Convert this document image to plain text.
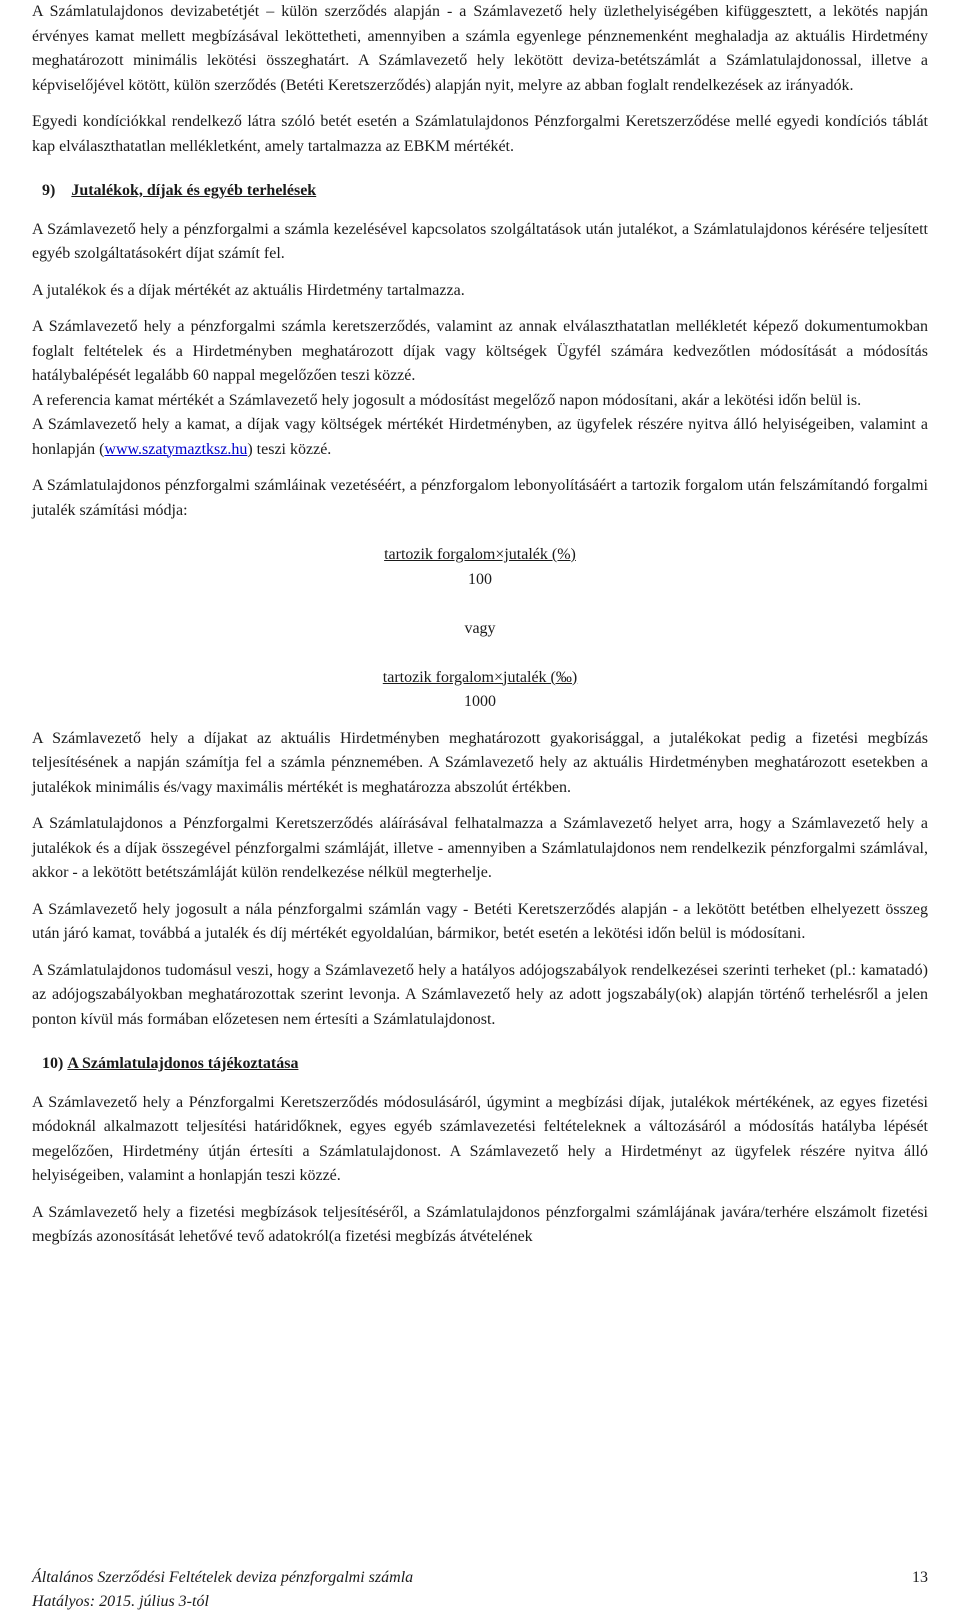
A Számlatulajdonos devizabetétjét – külön szerződés alapján - a Számlavezető hely üzlethelyiségében kifüggesztett, a lekötés napján érvényes kamat mellett megbízásával leköttetheti, amennyiben a számla egyenlege pénznemenként meghaladja az aktuális Hirdetmény meghatározott minimális lekötési összeghatárt. A Számlavezető hely lekötött deviza-betétszámlát a Számlatulajdonossal, illetve a képviselőjével kötött, külön szerződés (Betéti Keretszerződés) alapján nyit, melyre az abban foglalt rendelkezések az irányadók.

Egyedi kondíciókkal rendelkező látra szóló betét esetén a Számlatulajdonos Pénzforgalmi Keretszerződése mellé egyedi kondíciós táblát kap elválaszthatatlan mellékletként, amely tartalmazza az EBKM mértékét.

9) Jutalékok, díjak és egyéb terhelések

A Számlavezető hely a pénzforgalmi a számla kezelésével kapcsolatos szolgáltatások után jutalékot, a Számlatulajdonos kérésére teljesített egyéb szolgáltatásokért díjat számít fel.

A jutalékok és a díjak mértékét az aktuális Hirdetmény tartalmazza.

A Számlavezető hely a pénzforgalmi számla keretszerződés, valamint az annak elválaszthatatlan mellékletét képező dokumentumokban foglalt feltételek és a Hirdetményben meghatározott díjak vagy költségek Ügyfél számára kedvezőtlen módosítását a módosítás hatálybalépését legalább 60 nappal megelőzően teszi közzé.

A referencia kamat mértékét a Számlavezető hely jogosult a módosítást megelőző napon módosítani, akár a lekötési időn belül is.

A Számlavezető hely a kamat, a díjak vagy költségek mértékét Hirdetményben, az ügyfelek részére nyitva álló helyiségeiben, valamint a honlapján (www.szatymaztksz.hu) teszi közzé.

A Számlatulajdonos pénzforgalmi számláinak vezetéséért, a pénzforgalom lebonyolításáért a tartozik forgalom után felszámítandó forgalmi jutalék számítási módja:

tartozik forgalom×jutalék (%)
100
vagy
tartozik forgalom×jutalék (‰)
1000

A Számlavezető hely a díjakat az aktuális Hirdetményben meghatározott gyakorisággal, a jutalékokat pedig a fizetési megbízás teljesítésének a napján számítja fel a számla pénznemében. A Számlavezető hely az aktuális Hirdetményben meghatározott esetekben a jutalékok minimális és/vagy maximális mértékét is meghatározza abszolút értékben.

A Számlatulajdonos a Pénzforgalmi Keretszerződés aláírásával felhatalmazza a Számlavezető helyet arra, hogy a Számlavezető hely a jutalékok és a díjak összegével pénzforgalmi számláját, illetve - amennyiben a Számlatulajdonos nem rendelkezik pénzforgalmi számlával, akkor - a lekötött betétszámláját külön rendelkezése nélkül megterhelje.

A Számlavezető hely jogosult a nála pénzforgalmi számlán vagy - Betéti Keretszerződés alapján - a lekötött betétben elhelyezett összeg után járó kamat, továbbá a jutalék és díj mértékét egyoldalúan, bármikor, betét esetén a lekötési időn belül is módosítani.

A Számlatulajdonos tudomásul veszi, hogy a Számlavezető hely a hatályos adójogszabályok rendelkezései szerinti terheket (pl.: kamatadó) az adójogszabályokban meghatározottak szerint levonja. A Számlavezető hely az adott jogszabály(ok) alapján történő terhelésről a jelen ponton kívül más formában előzetesen nem értesíti a Számlatulajdonost.

10) A Számlatulajdonos tájékoztatása

A Számlavezető hely a Pénzforgalmi Keretszerződés módosulásáról, úgymint a megbízási díjak, jutalékok mértékének, az egyes fizetési módoknál alkalmazott teljesítési határidőknek, egyes egyéb számlavezetési feltételeknek a változásáról a módosítás hatályba lépését megelőzően, Hirdetmény útján értesíti a Számlatulajdonost. A Számlavezető hely a Hirdetményt az ügyfelek részére nyitva álló helyiségeiben, valamint a honlapján teszi közzé.

A Számlavezető hely a fizetési megbízások teljesítéséről, a Számlatulajdonos pénzforgalmi számlájának javára/terhére elszámolt fizetési megbízás azonosítását lehetővé tevő adatokról(a fizetési megbízás átvételének

Általános Szerződési Feltételek deviza pénzforgalmi számla
Hatályos: 2015. július 3-tól
13
